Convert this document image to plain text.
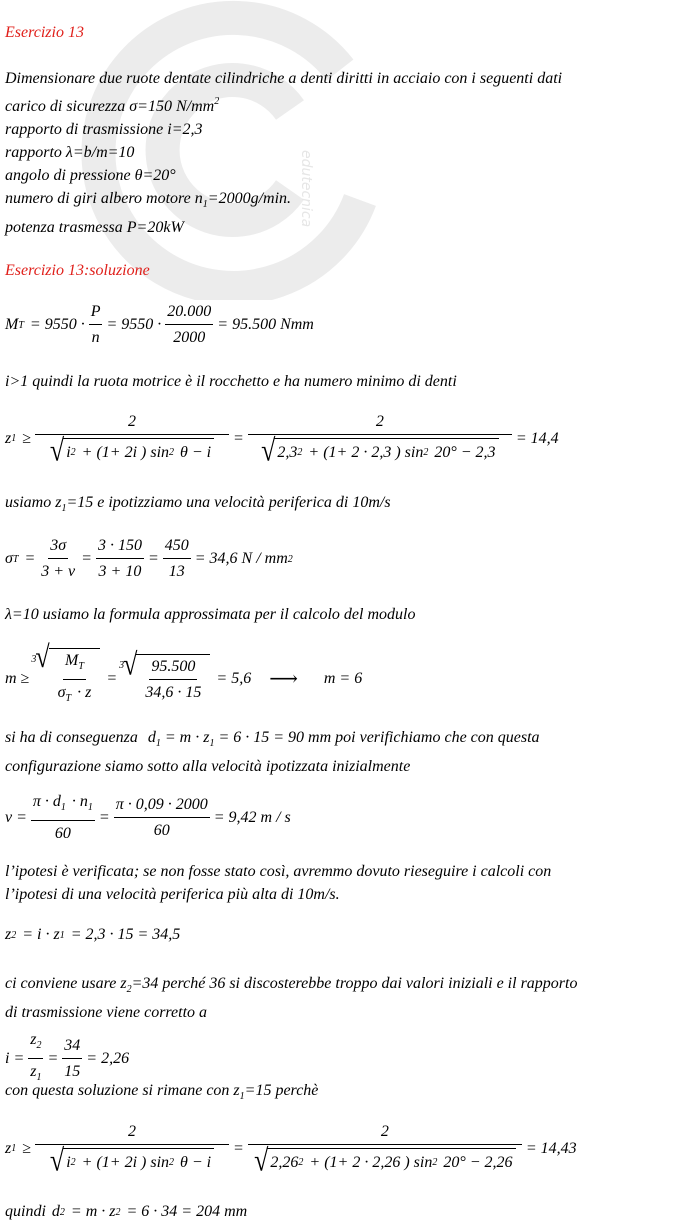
edutecnica
Esercizio 13
Dimensionare due ruote dentate cilindriche a denti diritti in acciaio con i seguenti dati
carico di sicurezza σ=150 $N/mm^2$
rapporto di trasmissione i=2,3
rapporto λ=b/m=10
angolo di pressione θ=20°
numero di giri albero motore $n_1=2000g/\min$.
potenza trasmessa P=20kW
Esercizio 13:soluzione
M $T = 9550 \cdot \frac{P}{n} = 9550 \cdot \frac{20.000}{2000} = 95.500$ Nmm
i>1 quindi la ruota motrice è il rocchetto e ha numero minimo di denti
z $1 \ge \frac{2}{√ i 2 + (1+ 2i ) \sin 2 \theta - i} = \frac{2}{√ 2,3 2 + (1+ 2 \cdot 2,3 ) \sin 2 20^\circ - 2,3} = 14,4$
usiamo $z_1=15$ e ipotizziamo una velocità periferica di 10m/s
σ $T = \frac{3\sigma}{3 + v} = \frac{3 \cdot 150}{3 + 10} = \frac{450}{13} = 34,6$ N / mm 2
λ=10 usiamo la formula approssimata per il calcolo del modulo
m ≥
3 √ $\frac{M_T}{\sigma_T \cdot z}$ =
3 √ $\frac{95.500}{34,6 \cdot 15} = 5,6$ ⟶ m = 6
si ha di conseguenza $d_1 = m \cdot z_1 = 6 \cdot 15 = 90$ mm poi verifichiamo che con questa
configurazione siamo sotto alla velocità ipotizzata inizialmente
$v = \frac{\pi \cdot d_1 \cdot n_1}{60} = \frac{\pi \cdot 0,09 \cdot 2000}{60} = 9,42$ m / s
l’ipotesi è verificata; se non fosse stato così, avremmo dovuto rieseguire i calcoli con
l’ipotesi di una velocità periferica più alta di 10m/s.
z 2 = i · z 1 = 2,3 · 15 = 34,5
ci conviene usare $z_2=34$ perché 36 si discosterebbe troppo dai valori iniziali e il rapporto
di trasmissione viene corretto a
$i = \frac{z_2}{z_1} = \frac{34}{15} = 2,26$
con questa soluzione si rimane con $z_1=15$ perchè
z $1 \ge \frac{2}{√ i 2 + (1+ 2i ) \sin 2 \theta - i} = \frac{2}{√ 2,26 2 + (1+ 2 \cdot 2,26 ) \sin 2 20^\circ - 2,26} = 14,43$
quindi d 2 = m · z 2 = 6 · 34 = 204 mm
